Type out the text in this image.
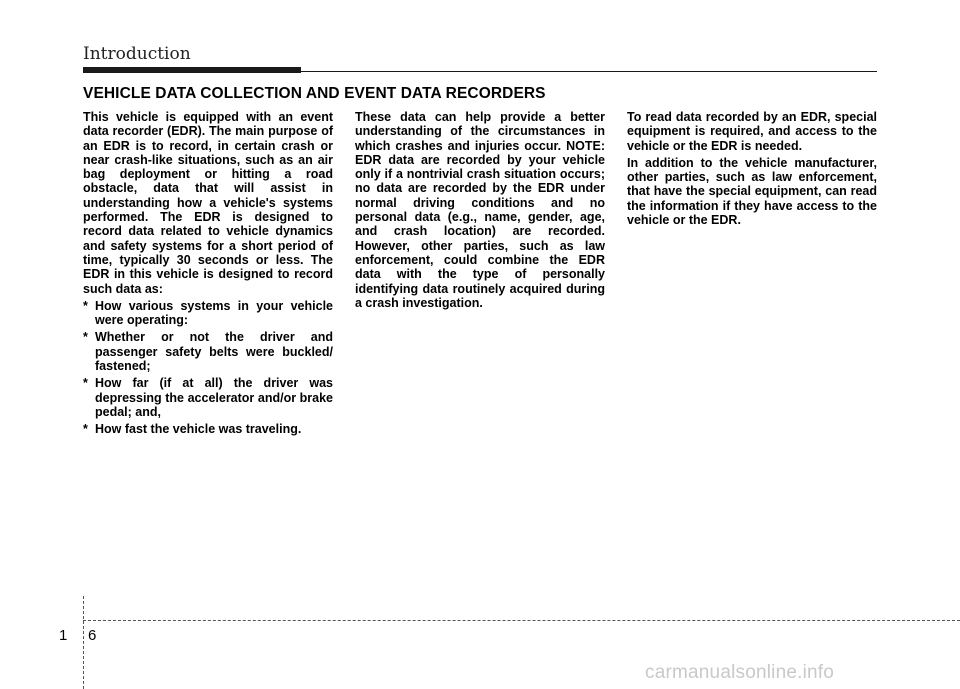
Introduction
VEHICLE DATA COLLECTION AND EVENT DATA RECORDERS

This vehicle is equipped with an event data recorder (EDR). The main purpose of an EDR is to record, in certain crash or near crash-like situations, such as an air bag deployment or hitting a road obstacle, data that will assist in understanding how a vehicle's systems performed. The EDR is designed to record data related to vehicle dynamics and safety systems for a short period of time, typically 30 seconds or less. The EDR in this vehicle is designed to record such data as:

* How various systems in your vehicle were operating:
* Whether or not the driver and passenger safety belts were buckled/ fastened;
* How far (if at all) the driver was depressing the accelerator and/or brake pedal; and,
* How fast the vehicle was traveling.

These data can help provide a better understanding of the circumstances in which crashes and injuries occur. NOTE: EDR data are recorded by your vehicle only if a nontrivial crash situation occurs; no data are recorded by the EDR under normal driving conditions and no personal data (e.g., name, gender, age, and crash location) are recorded. However, other parties, such as law enforcement, could combine the EDR data with the type of personally identifying data routinely acquired during a crash investigation.

To read data recorded by an EDR, special equipment is required, and access to the vehicle or the EDR is needed.

In addition to the vehicle manufacturer, other parties, such as law enforcement, that have the special equipment, can read the information if they have access to the vehicle or the EDR.

1 6
carmanualsonline.info
